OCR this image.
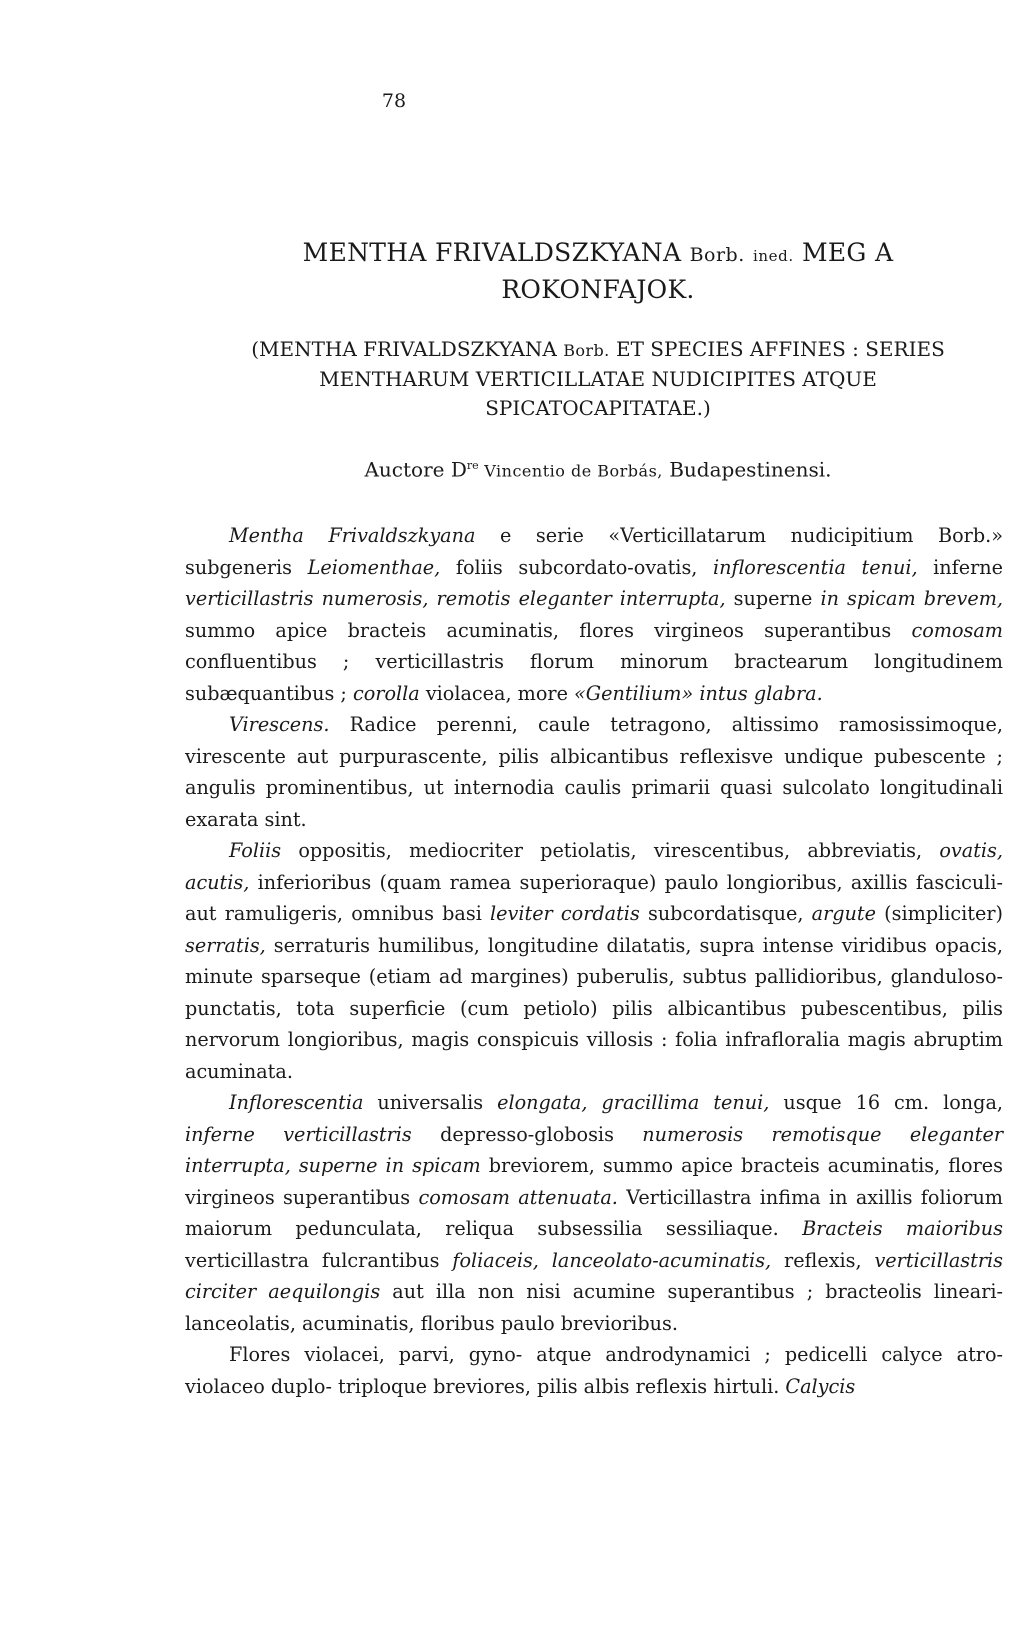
78
MENTHA FRIVALDSZKYANA Borb. ined. MEG A ROKONFAJOK.
(MENTHA FRIVALDSZKYANA Borb. ET SPECIES AFFINES : SERIES MENTHARUM VERTICILLATAE NUDICIPITES ATQUE SPICATOCAPITATAE.)
Auctore Dre Vincentio de Borbás, Budapestinensi.

Mentha Frivaldszkyana e serie «Verticillatarum nudicipitium Borb.» subgeneris Leiomenthae, foliis subcordato-ovatis, inflorescentia tenui, inferne verticillastris numerosis, remotis eleganter interrupta, superne in spicam brevem, summo apice bracteis acuminatis, flores virgineos superantibus comosam confluentibus ; verticillastris florum minorum bractearum longitudinem subæquantibus ; corolla violacea, more «Gentilium» intus glabra.

Virescens. Radice perenni, caule tetragono, altissimo ramosissimoque, virescente aut purpurascente, pilis albicantibus reflexisve undique pubescente ; angulis prominentibus, ut internodia caulis primarii quasi sulcolato longitudinali exarata sint.

Foliis oppositis, mediocriter petiolatis, virescentibus, abbreviatis, ovatis, acutis, inferioribus (quam ramea superioraque) paulo longioribus, axillis fasciculi- aut ramuligeris, omnibus basi leviter cordatis subcordatisque, argute (simpliciter) serratis, serraturis humilibus, longitudine dilatatis, supra intense viridibus opacis, minute sparseque (etiam ad margines) puberulis, subtus pallidioribus, glanduloso-punctatis, tota superficie (cum petiolo) pilis albicantibus pubescentibus, pilis nervorum longioribus, magis conspicuis villosis : folia infrafloralia magis abruptim acuminata.

Inflorescentia universalis elongata, gracillima tenui, usque 16 cm. longa, inferne verticillastris depresso-globosis numerosis remotisque eleganter interrupta, superne in spicam breviorem, summo apice bracteis acuminatis, flores virgineos superantibus comosam attenuata. Verticillastra infima in axillis foliorum maiorum pedunculata, reliqua subsessilia sessiliaque. Bracteis maioribus verticillastra fulcrantibus foliaceis, lanceolato-acuminatis, reflexis, verticillastris circiter aequilongis aut illa non nisi acumine superantibus ; bracteolis lineari-lanceolatis, acuminatis, floribus paulo brevioribus.

Flores violacei, parvi, gyno- atque androdynamici ; pedicelli calyce atro-violaceo duplo- triploque breviores, pilis albis reflexis hirtuli. Calycis
